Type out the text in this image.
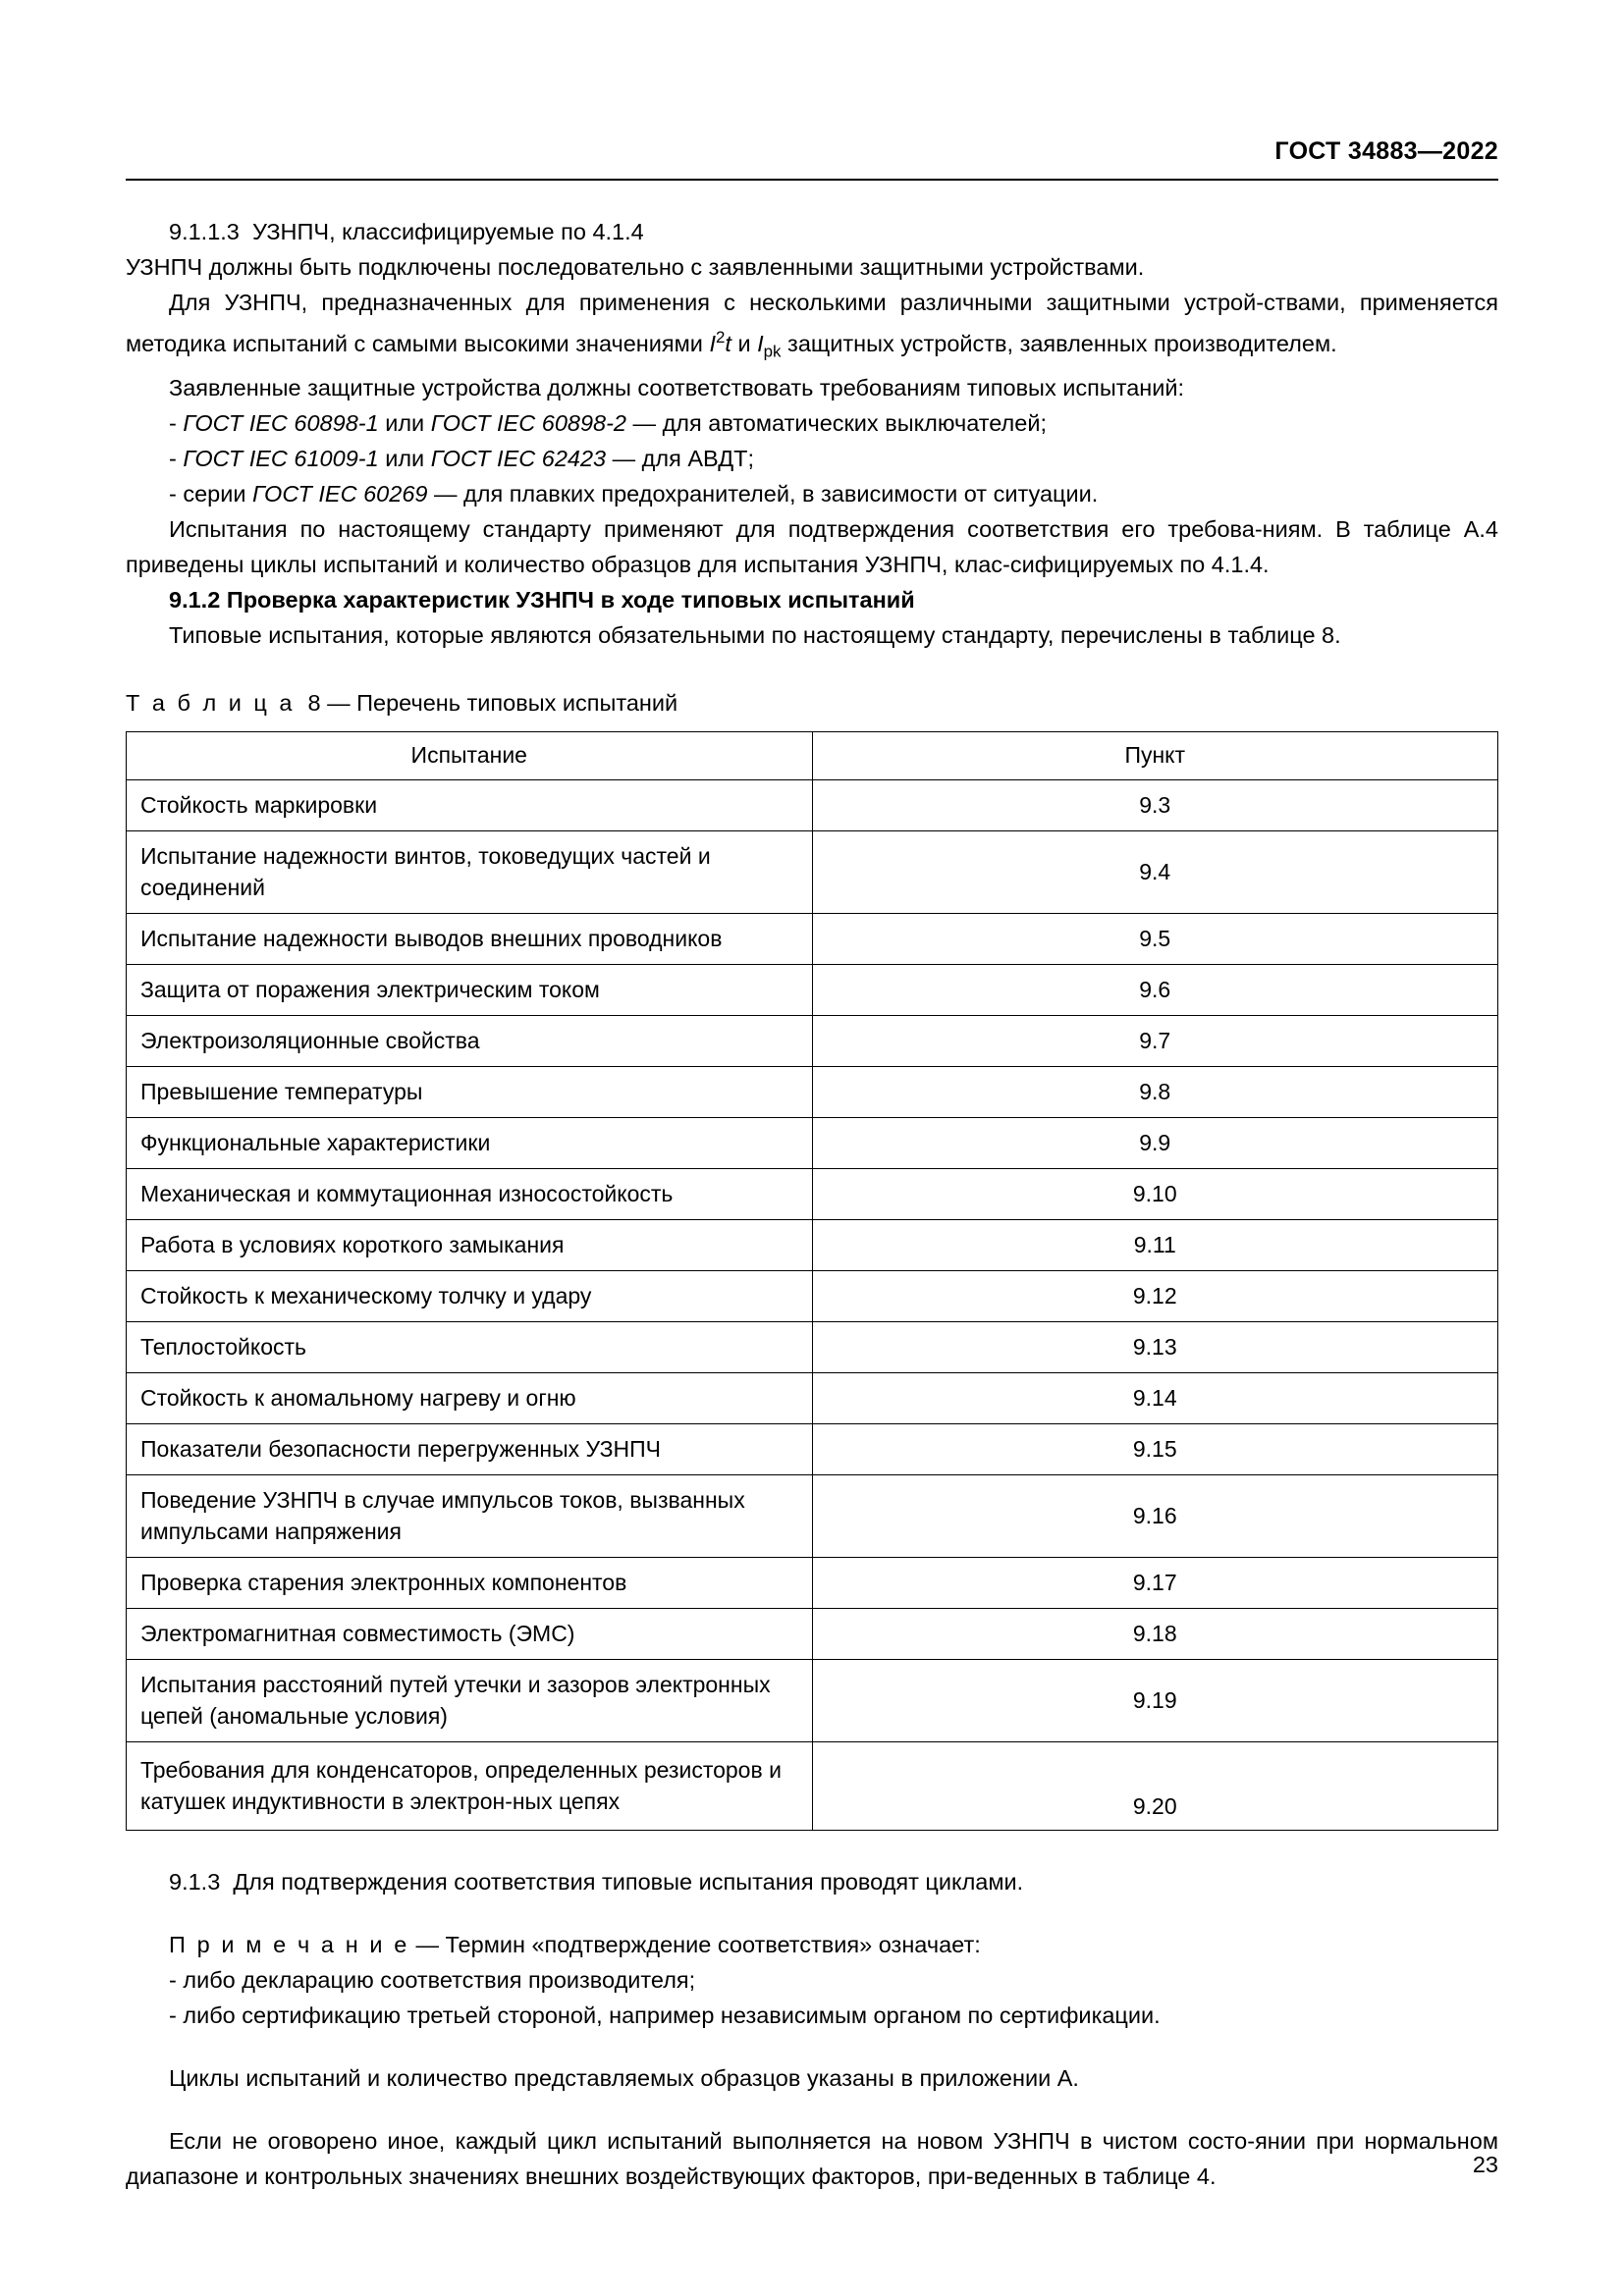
ГОСТ 34883—2022

9.1.1.3 УЗНПЧ, классифицируемые по 4.1.4

УЗНПЧ должны быть подключены последовательно с заявленными защитными устройствами.

Для УЗНПЧ, предназначенных для применения с несколькими различными защитными устрой-ствами, применяется методика испытаний с самыми высокими значениями $I^2t$ и $I_{pk}$ защитных устройств, заявленных производителем.

Заявленные защитные устройства должны соответствовать требованиям типовых испытаний:

- ГОСТ IEC 60898-1 или ГОСТ IEC 60898-2 — для автоматических выключателей;

- ГОСТ IEC 61009-1 или ГОСТ IEC 62423 — для АВДТ;

- серии ГОСТ IEC 60269 — для плавких предохранителей, в зависимости от ситуации.

Испытания по настоящему стандарту применяют для подтверждения соответствия его требова-ниям. В таблице А.4 приведены циклы испытаний и количество образцов для испытания УЗНПЧ, клас-сифицируемых по 4.1.4.

9.1.2 Проверка характеристик УЗНПЧ в ходе типовых испытаний

Типовые испытания, которые являются обязательными по настоящему стандарту, перечислены в таблице 8.

Т а б л и ц а 8 — Перечень типовых испытаний
Испытание	Пункт
Стойкость маркировки	9.3
Испытание надежности винтов, токоведущих частей и соединений	9.4
Испытание надежности выводов внешних проводников	9.5
Защита от поражения электрическим током	9.6
Электроизоляционные свойства	9.7
Превышение температуры	9.8
Функциональные характеристики	9.9
Механическая и коммутационная износостойкость	9.10
Работа в условиях короткого замыкания	9.11
Стойкость к механическому толчку и удару	9.12
Теплостойкость	9.13
Стойкость к аномальному нагреву и огню	9.14
Показатели безопасности перегруженных УЗНПЧ	9.15
Поведение УЗНПЧ в случае импульсов токов, вызванных импульсами напряжения	9.16
Проверка старения электронных компонентов	9.17
Электромагнитная совместимость (ЭМС)	9.18
Испытания расстояний путей утечки и зазоров электронных цепей (аномальные условия)	9.19
Требования для конденсаторов, определенных резисторов и катушек индуктивности в электрон-ных цепях	9.20

9.1.3 Для подтверждения соответствия типовые испытания проводят циклами.

П р и м е ч а н и е — Термин «подтверждение соответствия» означает:

- либо декларацию соответствия производителя;

- либо сертификацию третьей стороной, например независимым органом по сертификации.

Циклы испытаний и количество представляемых образцов указаны в приложении А.

Если не оговорено иное, каждый цикл испытаний выполняется на новом УЗНПЧ в чистом состо-янии при нормальном диапазоне и контрольных значениях внешних воздействующих факторов, при-веденных в таблице 4.	23
